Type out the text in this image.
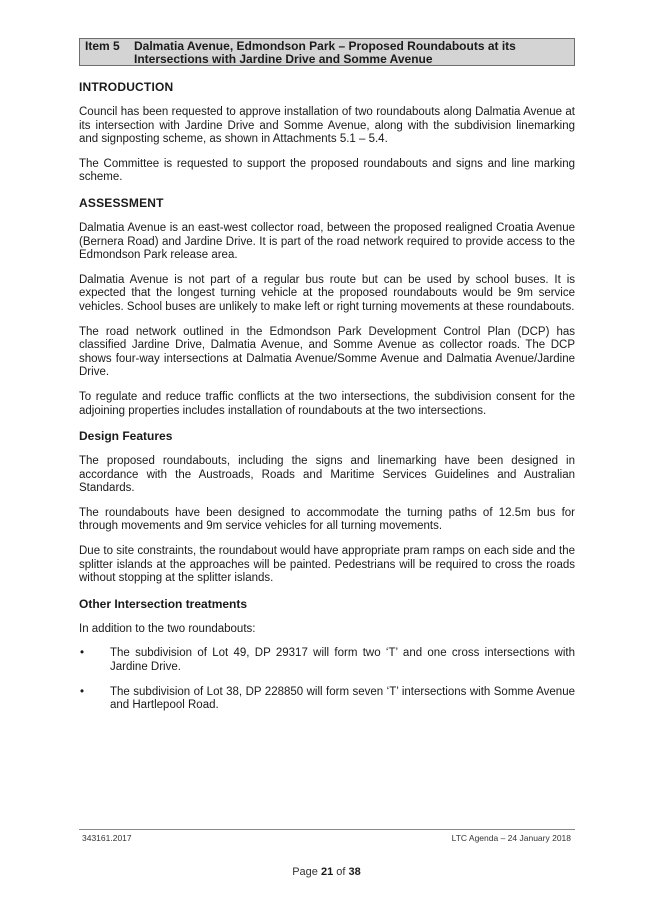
Item 5	Dalmatia Avenue, Edmondson Park – Proposed Roundabouts at its Intersections with Jardine Drive and Somme Avenue
INTRODUCTION

Council has been requested to approve installation of two roundabouts along Dalmatia Avenue at its intersection with Jardine Drive and Somme Avenue, along with the subdivision linemarking and signposting scheme, as shown in Attachments 5.1 – 5.4.

The Committee is requested to support the proposed roundabouts and signs and line marking scheme.

ASSESSMENT

Dalmatia Avenue is an east-west collector road, between the proposed realigned Croatia Avenue (Bernera Road) and Jardine Drive. It is part of the road network required to provide access to the Edmondson Park release area.

Dalmatia Avenue is not part of a regular bus route but can be used by school buses. It is expected that the longest turning vehicle at the proposed roundabouts would be 9m service vehicles. School buses are unlikely to make left or right turning movements at these roundabouts.

The road network outlined in the Edmondson Park Development Control Plan (DCP) has classified Jardine Drive, Dalmatia Avenue, and Somme Avenue as collector roads. The DCP shows four-way intersections at Dalmatia Avenue/Somme Avenue and Dalmatia Avenue/Jardine Drive.

To regulate and reduce traffic conflicts at the two intersections, the subdivision consent for the adjoining properties includes installation of roundabouts at the two intersections.

Design Features

The proposed roundabouts, including the signs and linemarking have been designed in accordance with the Austroads, Roads and Maritime Services Guidelines and Australian Standards.

The roundabouts have been designed to accommodate the turning paths of 12.5m bus for through movements and 9m service vehicles for all turning movements.

Due to site constraints, the roundabout would have appropriate pram ramps on each side and the splitter islands at the approaches will be painted. Pedestrians will be required to cross the roads without stopping at the splitter islands.

Other Intersection treatments

In addition to the two roundabouts:

• The subdivision of Lot 49, DP 29317 will form two ‘T’ and one cross intersections with Jardine Drive.
• The subdivision of Lot 38, DP 228850 will form seven ‘T’ intersections with Somme Avenue and Hartlepool Road.
343161.2017	LTC Agenda – 24 January 2018
Page 21 of 38
